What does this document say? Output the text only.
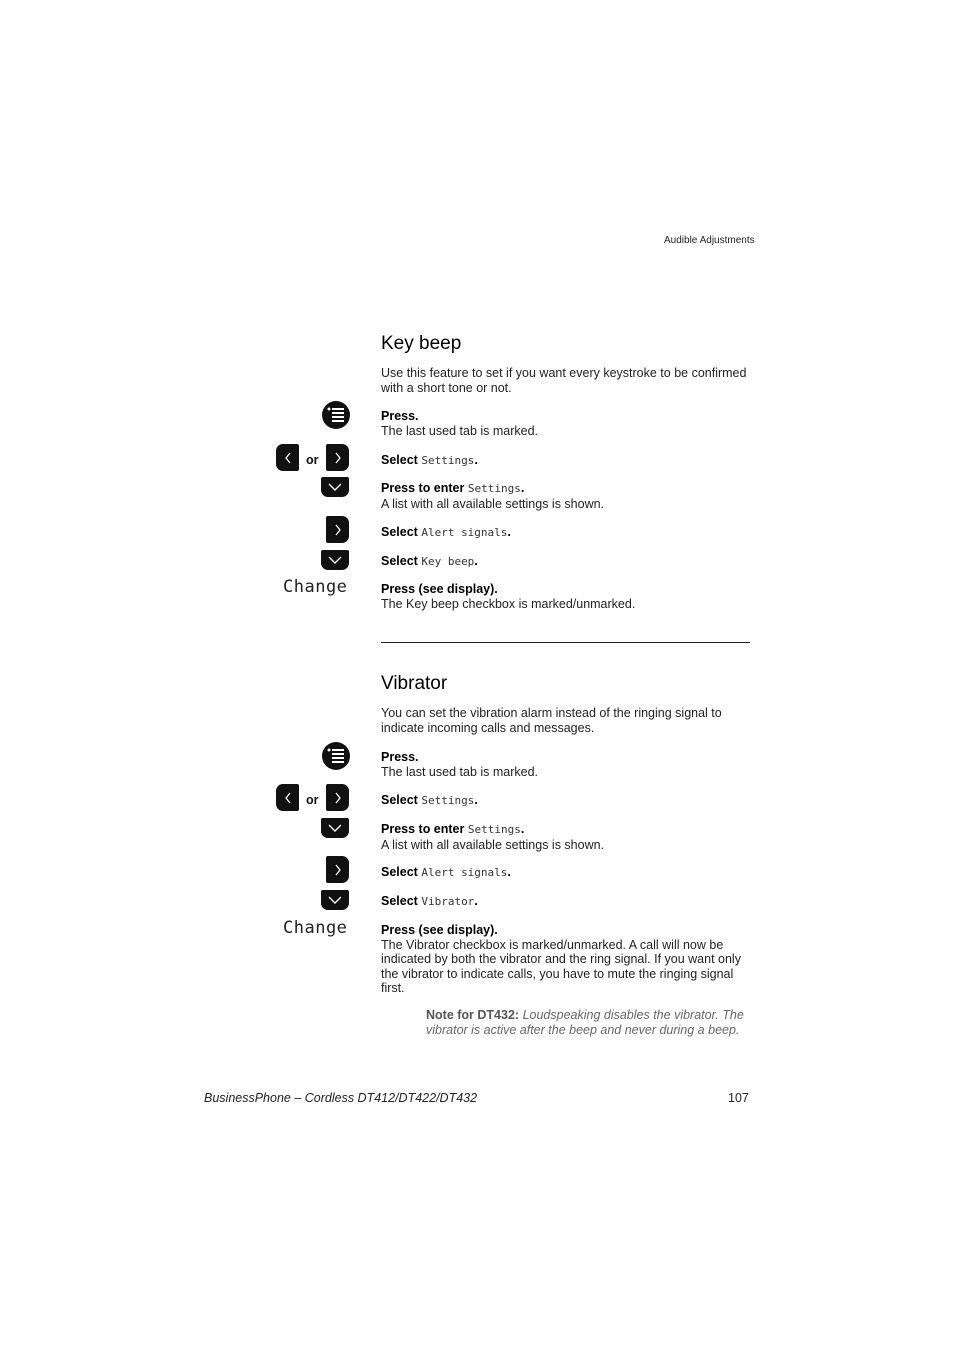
Audible Adjustments
Key beep
Use this feature to set if you want every keystroke to be confirmed with a short tone or not.
Press.
The last used tab is marked.
or	Select Settings.
Press to enter Settings.
A list with all available settings is shown.
Select Alert signals.
Select Key beep.
Change	Press (see display).
The Key beep checkbox is marked/unmarked.
Vibrator
You can set the vibration alarm instead of the ringing signal to indicate incoming calls and messages.
Press.
The last used tab is marked.
or	Select Settings.
Press to enter Settings.
A list with all available settings is shown.
Select Alert signals.
Select Vibrator.
Change	Press (see display).
The Vibrator checkbox is marked/unmarked. A call will now be indicated by both the vibrator and the ring signal. If you want only the vibrator to indicate calls, you have to mute the ringing signal first.
Note for DT432: Loudspeaking disables the vibrator. The vibrator is active after the beep and never during a beep.
BusinessPhone – Cordless DT412/DT422/DT432	107
